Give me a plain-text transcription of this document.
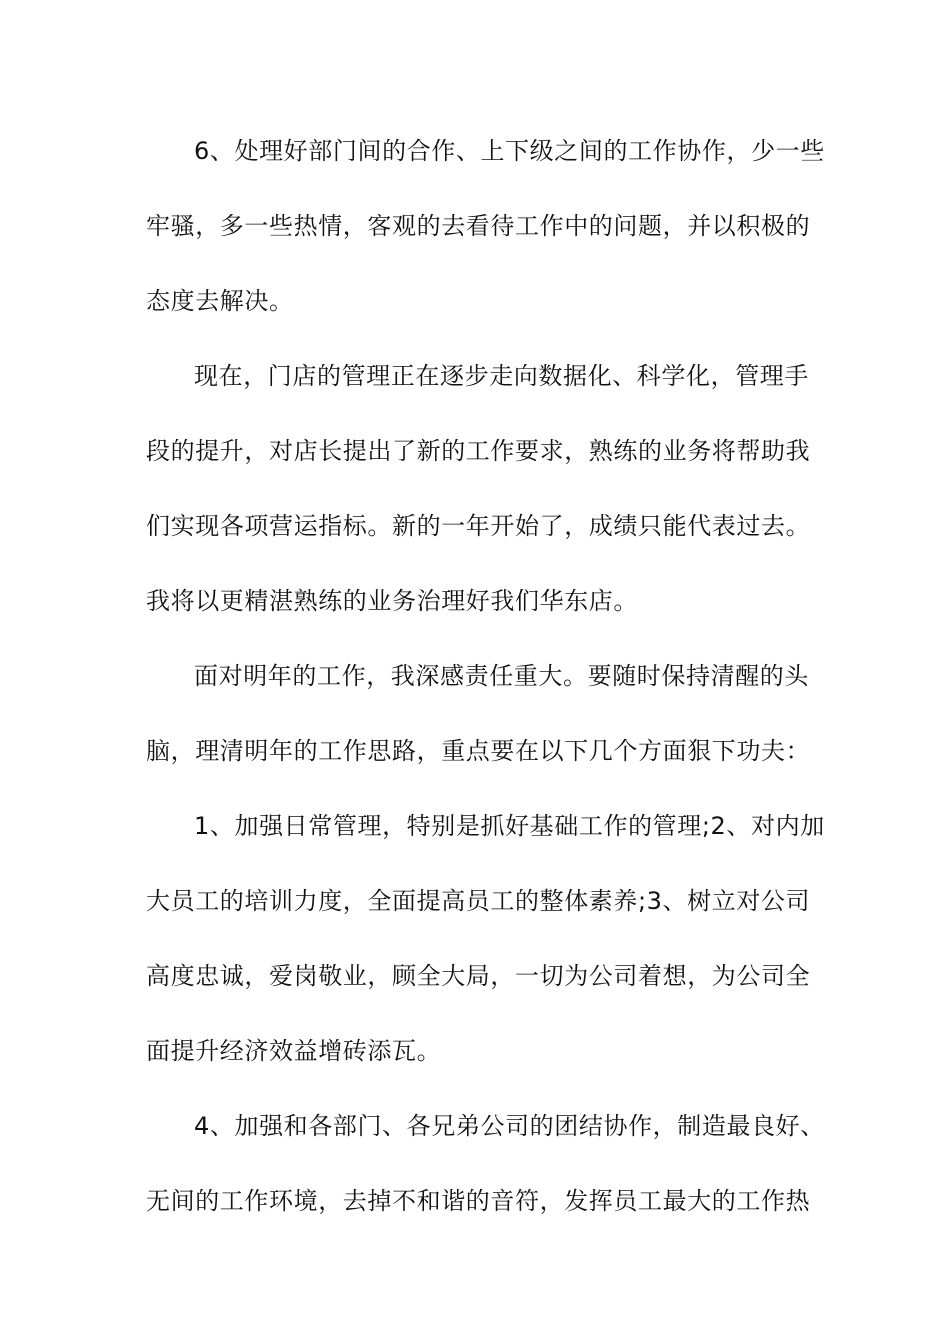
6、处理好部门间的合作、上下级之间的工作协作，少一些
牢骚，多一些热情，客观的去看待工作中的问题，并以积极的
态度去解决。
现在，门店的管理正在逐步走向数据化、科学化，管理手
段的提升，对店长提出了新的工作要求，熟练的业务将帮助我
们实现各项营运指标。新的一年开始了，成绩只能代表过去。
我将以更精湛熟练的业务治理好我们华东店。
面对明年的工作，我深感责任重大。要随时保持清醒的头
脑，理清明年的工作思路，重点要在以下几个方面狠下功夫：
1、加强日常管理，特别是抓好基础工作的管理;2、对内加
大员工的培训力度，全面提高员工的整体素养;3、树立对公司
高度忠诚，爱岗敬业，顾全大局，一切为公司着想，为公司全
面提升经济效益增砖添瓦。
4、加强和各部门、各兄弟公司的团结协作，制造最良好、
无间的工作环境，去掉不和谐的音符，发挥员工最大的工作热
